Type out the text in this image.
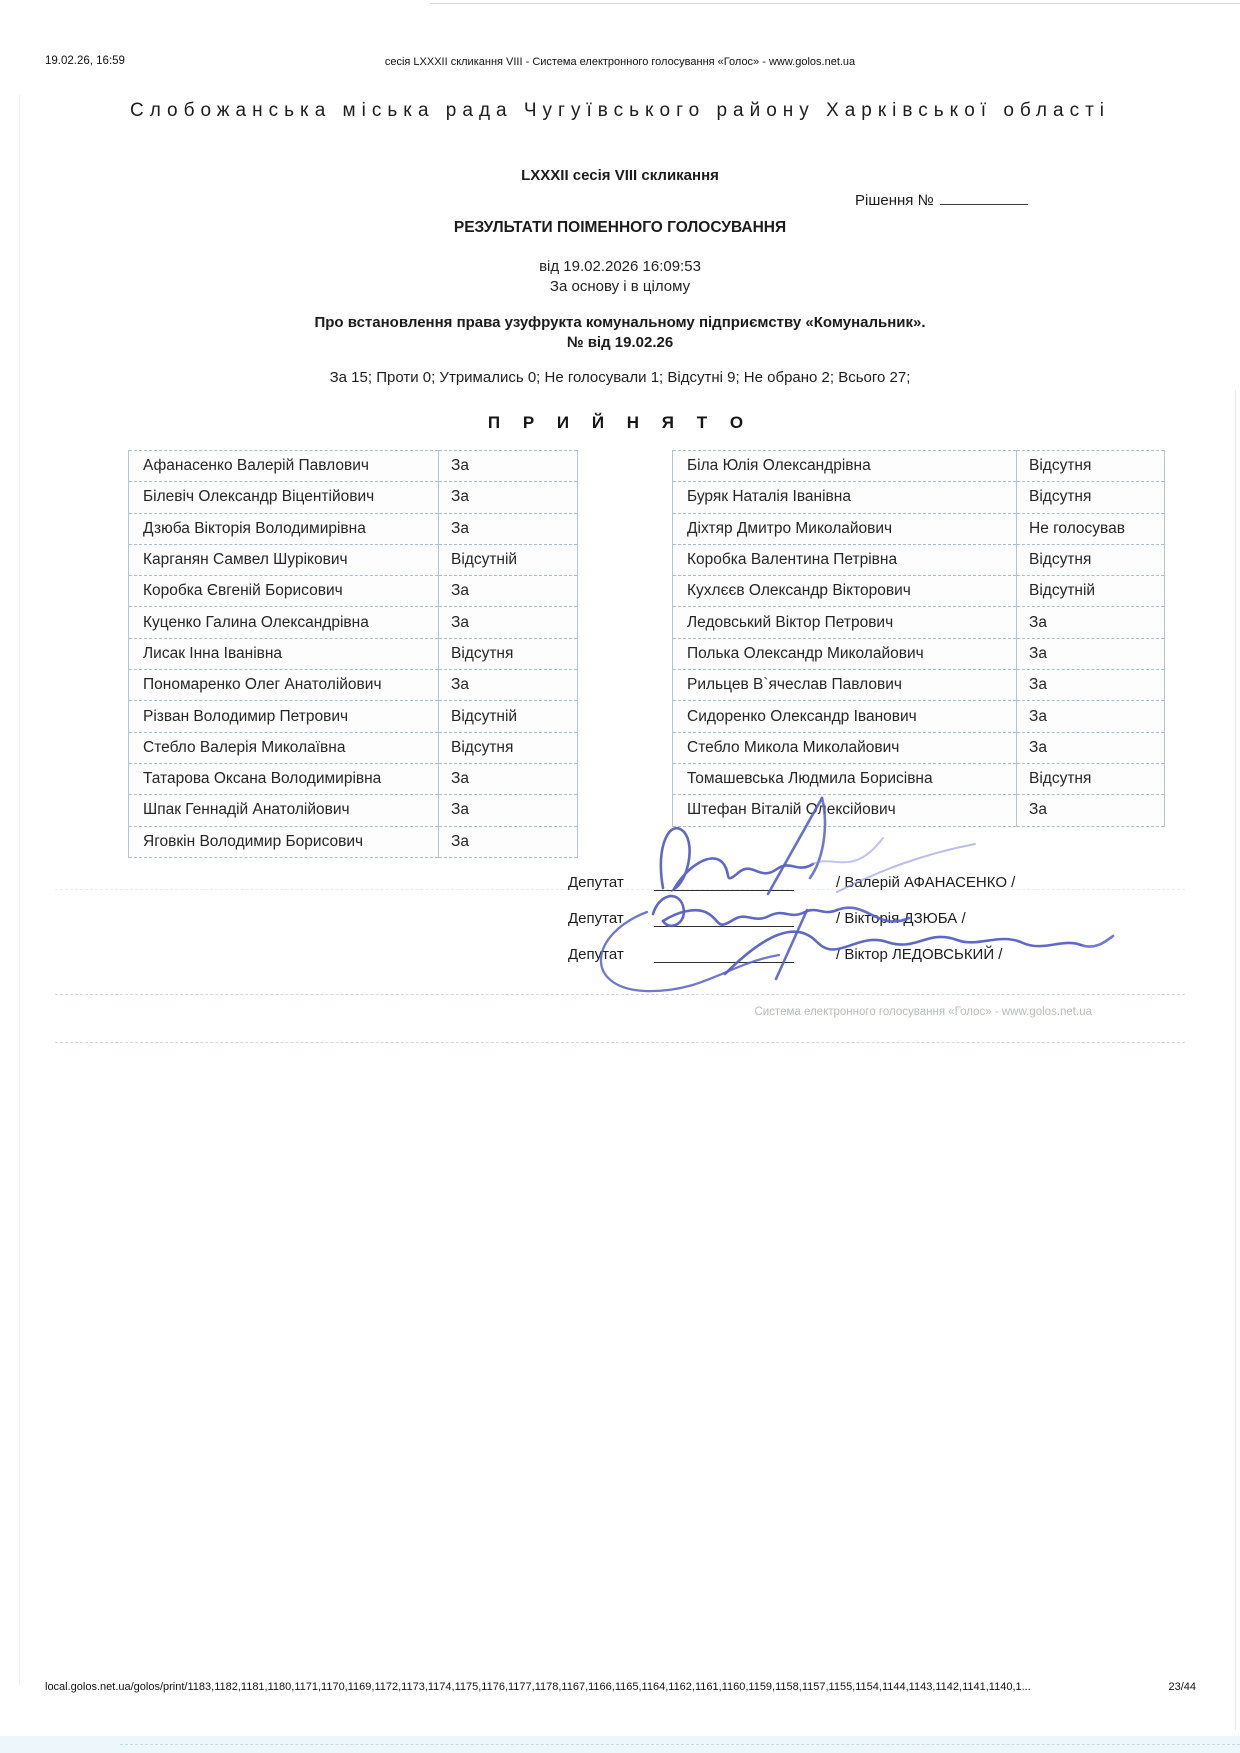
19.02.26, 16:59	сесія LXXXII скликання VIII - Система електронного голосування «Голос» - www.golos.net.ua
Слобожанська міська рада Чугуївського району Харківської області
LXXXII сесія VIII скликання
Рішення №
РЕЗУЛЬТАТИ ПОІМЕННОГО ГОЛОСУВАННЯ
від 19.02.2026 16:09:53
За основу і в цілому
Про встановлення права узуфрукта комунальному підприємству «Комунальник».
№ від 19.02.26
За 15; Проти 0; Утримались 0; Не голосували 1; Відсутні 9; Не обрано 2; Всього 27;
П Р И Й Н Я Т О
Афанасенко Валерій Павлович	За
Білевіч Олександр Віцентійович	За
Дзюба Вікторія Володимирівна	За
Карганян Самвел Шурікович	Відсутній
Коробка Євгеній Борисович	За
Куценко Галина Олександрівна	За
Лисак Інна Іванівна	Відсутня
Пономаренко Олег Анатолійович	За
Різван Володимир Петрович	Відсутній
Стебло Валерія Миколаївна	Відсутня
Татарова Оксана Володимирівна	За
Шпак Геннадій Анатолійович	За
Яговкін Володимир Борисович	За
Біла Юлія Олександрівна	Відсутня
Буряк Наталія Іванівна	Відсутня
Діхтяр Дмитро Миколайович	Не голосував
Коробка Валентина Петрівна	Відсутня
Кухлєєв Олександр Вікторович	Відсутній
Ледовський Віктор Петрович	За
Полька Олександр Миколайович	За
Рильцев В`ячеслав Павлович	За
Сидоренко Олександр Іванович	За
Стебло Микола Миколайович	За
Томашевська Людмила Борисівна	Відсутня
Штефан Віталій Олексійович	За
Депутат	/ Валерій АФАНАСЕНКО /
Депутат	/ Вікторія ДЗЮБА /
Депутат	/ Віктор ЛЕДОВСЬКИЙ /
Система електронного голосування «Голос» - www.golos.net.ua
local.golos.net.ua/golos/print/1183,1182,1181,1180,1171,1170,1169,1172,1173,1174,1175,1176,1177,1178,1167,1166,1165,1164,1162,1161,1160,1159,1158,1157,1155,1154,1144,1143,1142,1141,1140,1...	23/44
